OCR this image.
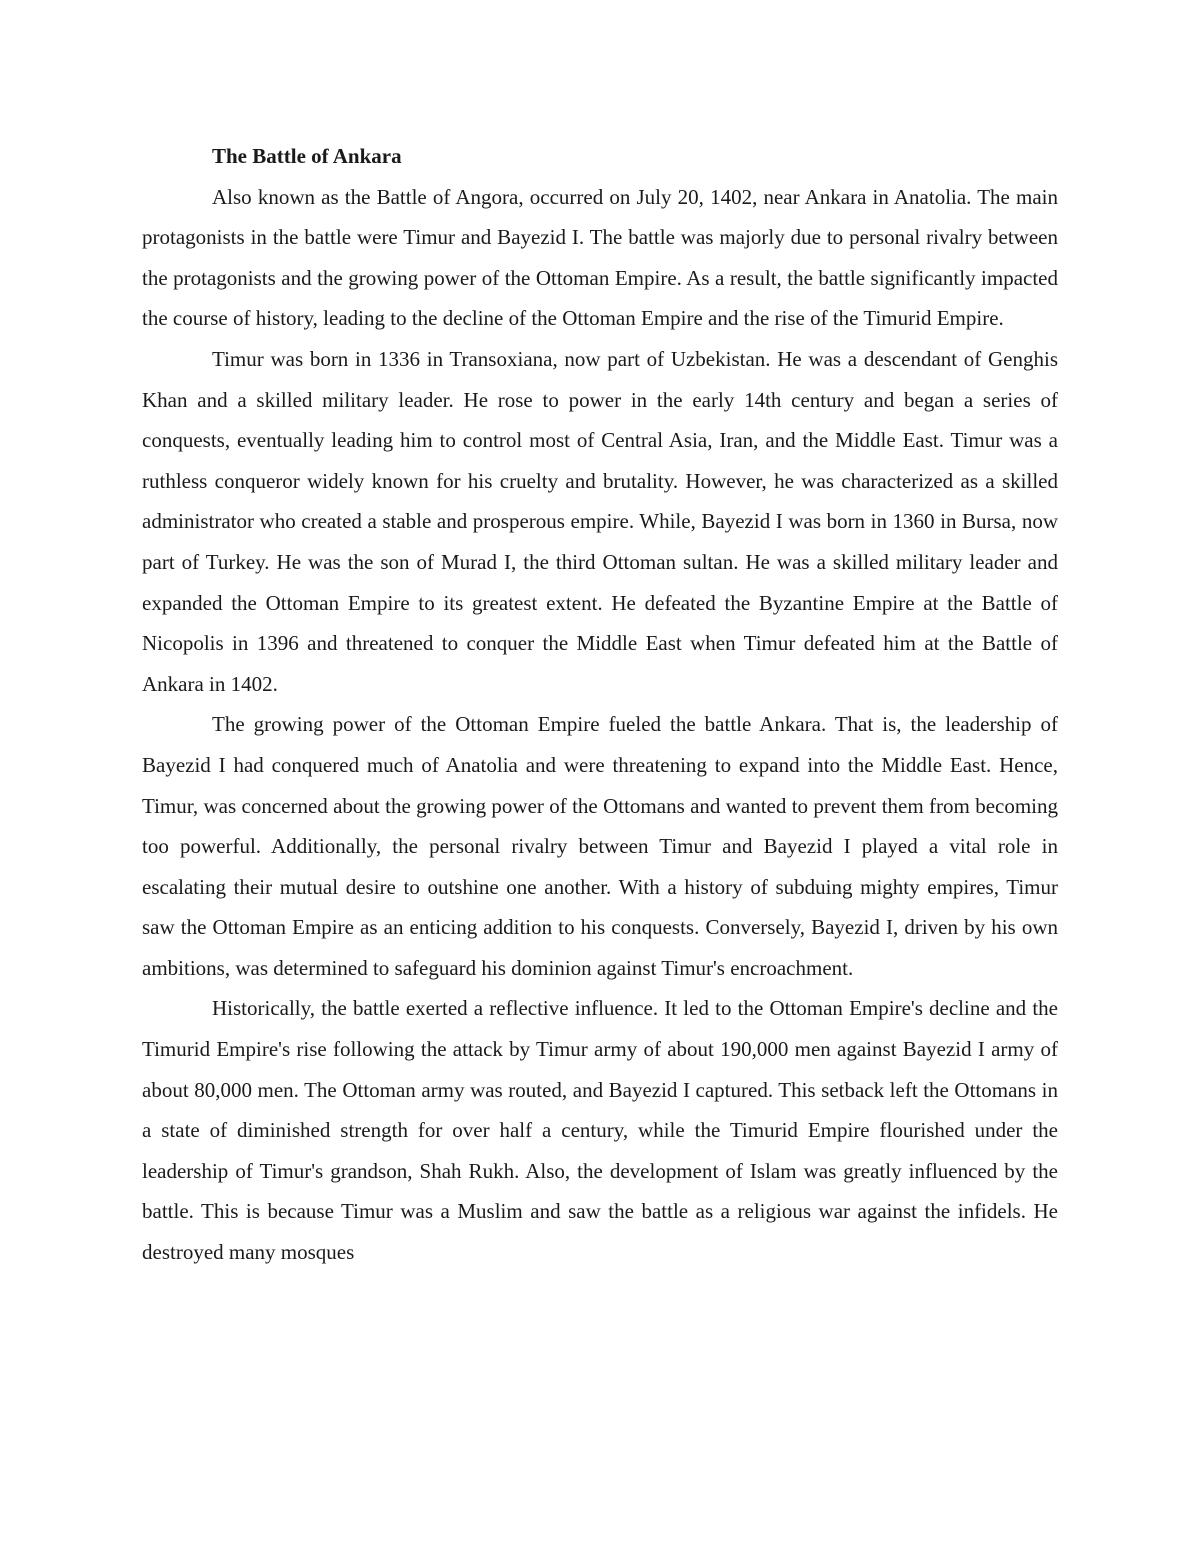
The Battle of Ankara

Also known as the Battle of Angora, occurred on July 20, 1402, near Ankara in Anatolia. The main protagonists in the battle were Timur and Bayezid I. The battle was majorly due to personal rivalry between the protagonists and the growing power of the Ottoman Empire. As a result, the battle significantly impacted the course of history, leading to the decline of the Ottoman Empire and the rise of the Timurid Empire.

Timur was born in 1336 in Transoxiana, now part of Uzbekistan. He was a descendant of Genghis Khan and a skilled military leader. He rose to power in the early 14th century and began a series of conquests, eventually leading him to control most of Central Asia, Iran, and the Middle East. Timur was a ruthless conqueror widely known for his cruelty and brutality. However, he was characterized as a skilled administrator who created a stable and prosperous empire. While, Bayezid I was born in 1360 in Bursa, now part of Turkey. He was the son of Murad I, the third Ottoman sultan. He was a skilled military leader and expanded the Ottoman Empire to its greatest extent. He defeated the Byzantine Empire at the Battle of Nicopolis in 1396 and threatened to conquer the Middle East when Timur defeated him at the Battle of Ankara in 1402.

The growing power of the Ottoman Empire fueled the battle Ankara. That is, the leadership of Bayezid I had conquered much of Anatolia and were threatening to expand into the Middle East. Hence, Timur, was concerned about the growing power of the Ottomans and wanted to prevent them from becoming too powerful. Additionally, the personal rivalry between Timur and Bayezid I played a vital role in escalating their mutual desire to outshine one another. With a history of subduing mighty empires, Timur saw the Ottoman Empire as an enticing addition to his conquests. Conversely, Bayezid I, driven by his own ambitions, was determined to safeguard his dominion against Timur's encroachment.

Historically, the battle exerted a reflective influence. It led to the Ottoman Empire's decline and the Timurid Empire's rise following the attack by Timur army of about 190,000 men against Bayezid I army of about 80,000 men. The Ottoman army was routed, and Bayezid I captured. This setback left the Ottomans in a state of diminished strength for over half a century, while the Timurid Empire flourished under the leadership of Timur's grandson, Shah Rukh. Also, the development of Islam was greatly influenced by the battle. This is because Timur was a Muslim and saw the battle as a religious war against the infidels. He destroyed many mosques
